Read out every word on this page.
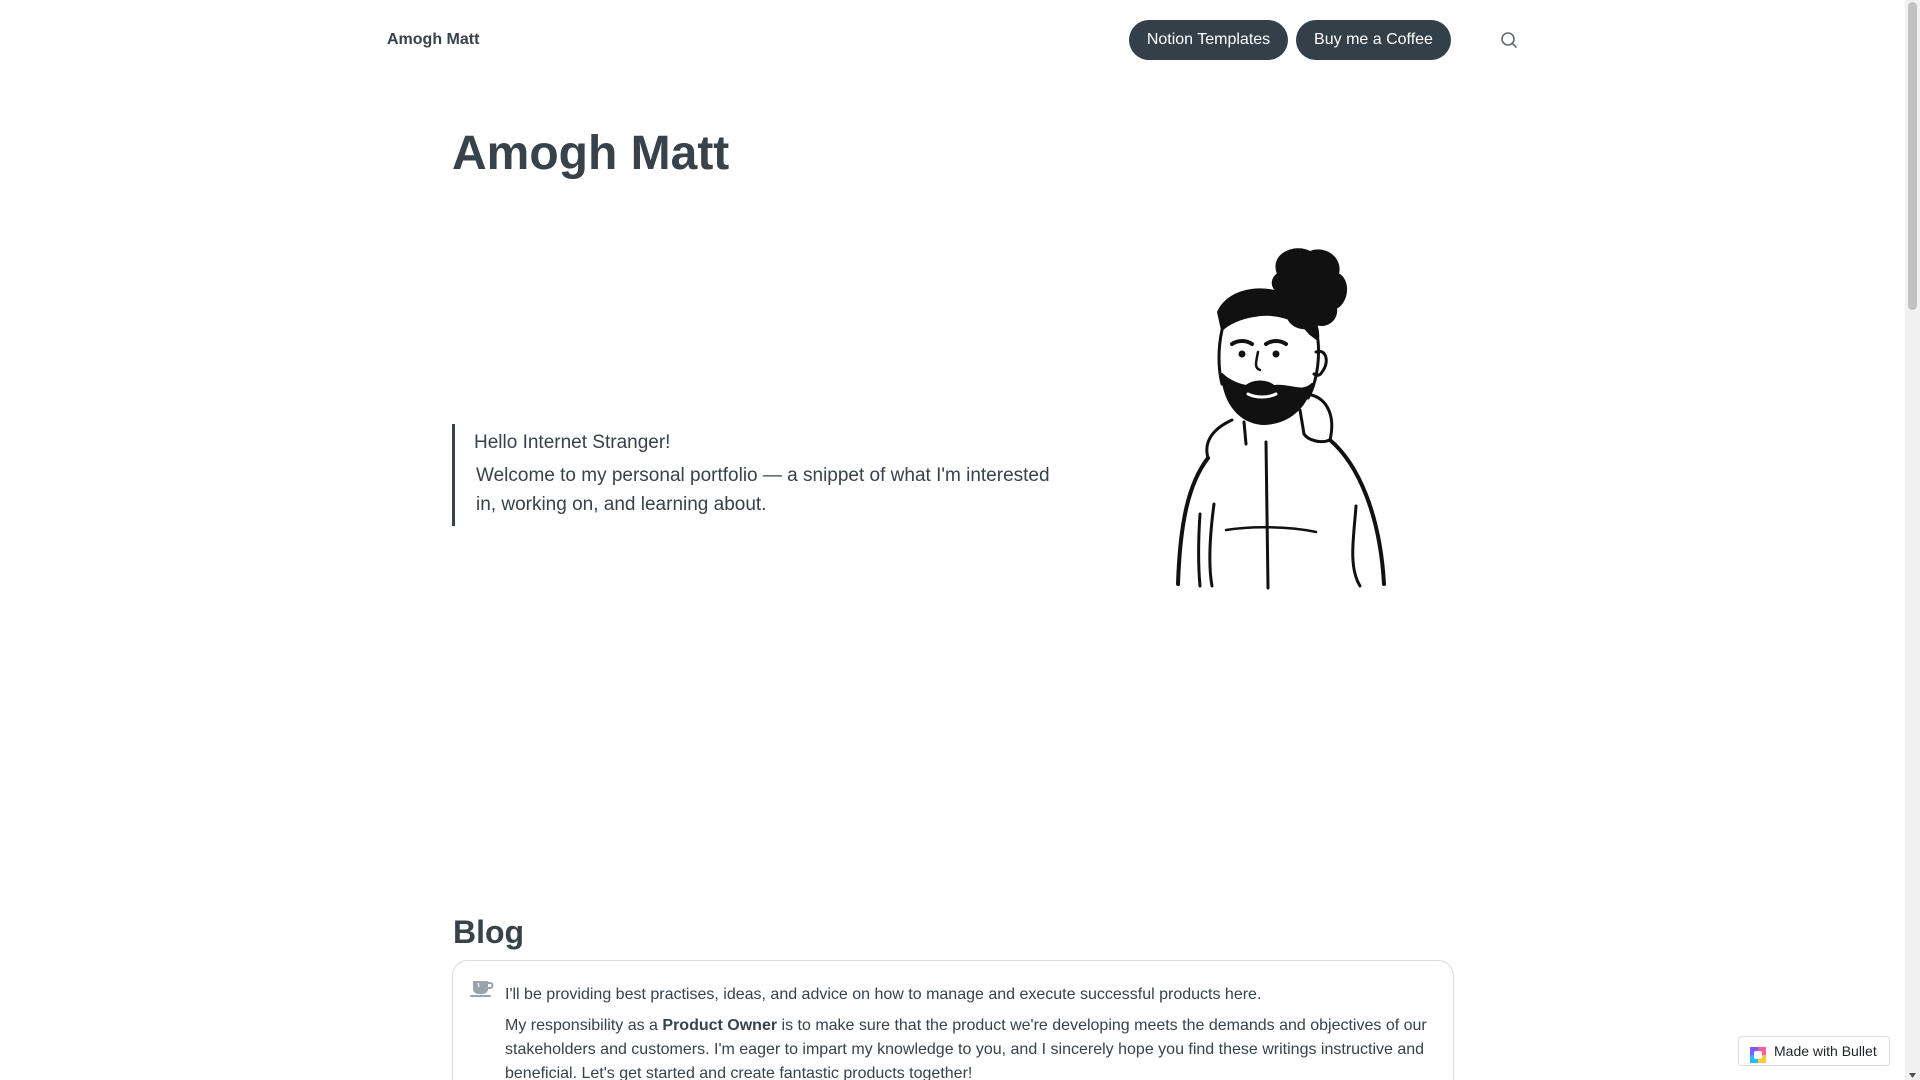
Amogh Matt	Notion Templates	Buy me a Coffee
Amogh Matt
Hello Internet Stranger!
Welcome to my personal portfolio — a snippet of what I'm interested in, working on, and learning about.
Blog
I'll be providing best practises, ideas, and advice on how to manage and execute successful products here.
My responsibility as a Product Owner is to make sure that the product we're developing meets the demands and objectives of our stakeholders and customers. I'm eager to impart my knowledge to you, and I sincerely hope you find these writings instructive and beneficial. Let's get started and create fantastic products together!
Made with Bullet
